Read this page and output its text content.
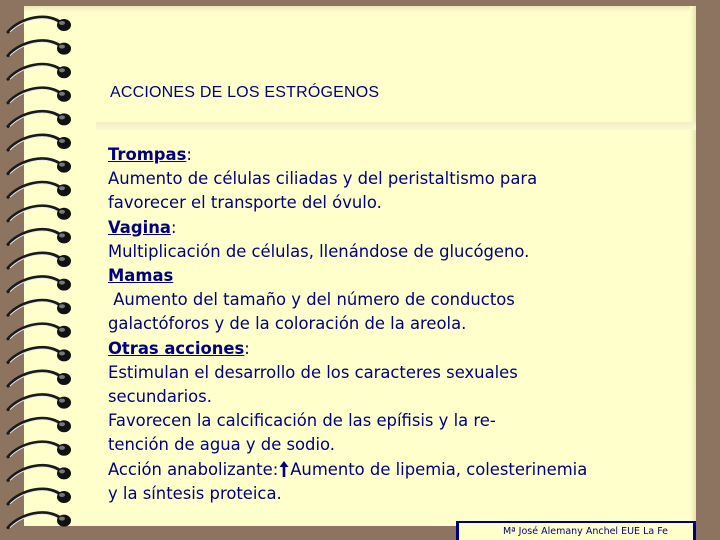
ACCIONES DE LOS ESTRÓGENOS
Trompas:
Aumento de células ciliadas y del peristaltismo para
favorecer el transporte del óvulo.
Vagina:
Multiplicación de células, llenándose de glucógeno.
Mamas
Aumento del tamaño y del número de conductos
galactóforos y de la coloración de la areola.
Otras acciones:
Estimulan el desarrollo de los caracteres sexuales
secundarios.
Favorecen la calcificación de las epífisis y la re-
tención de agua y de sodio.
Acción anabolizante: Aumento de lipemia, colesterinemia
y la síntesis proteica.
Mª José Alemany Anchel EUE La Fe
